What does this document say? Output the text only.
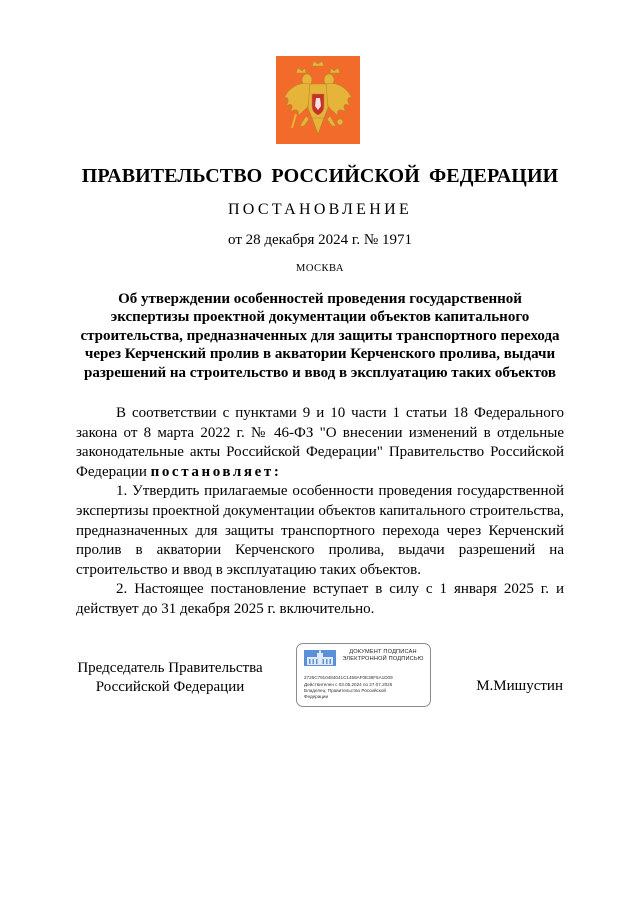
ПРАВИТЕЛЬСТВО РОССИЙСКОЙ ФЕДЕРАЦИИ
ПОСТАНОВЛЕНИЕ
от 28 декабря 2024 г. № 1971
МОСКВА
Об утверждении особенностей проведения государственной
экспертизы проектной документации объектов капитального
строительства, предназначенных для защиты транспортного перехода
через Керченский пролив в акватории Керченского пролива, выдачи
разрешений на строительство и ввод в эксплуатацию таких объектов

В соответствии с пунктами 9 и 10 части 1 статьи 18 Федерального закона от 8 марта 2022 г. № 46-ФЗ "О внесении изменений в отдельные законодательные акты Российской Федерации" Правительство Российской Федерации постановляет:

1. Утвердить прилагаемые особенности проведения государственной экспертизы проектной документации объектов капитального строительства, предназначенных для защиты транспортного перехода через Керченский пролив в акватории Керченского пролива, выдачи разрешений на строительство и ввод в эксплуатацию таких объектов.

2. Настоящее постановление вступает в силу с 1 января 2025 г. и действует до 31 декабря 2025 г. включительно.

Председатель Правительства
Российской Федерации
ДОКУМЕНТ ПОДПИСАН
ЭЛЕКТРОННОЙ ПОДПИСЬЮ
2726C7910484041C1458AF0E38F5A1D09
Действителен с 03.05.2024 по 27.07.2025
Владелец: Правительство Российской
Федерации
М.Мишустин
